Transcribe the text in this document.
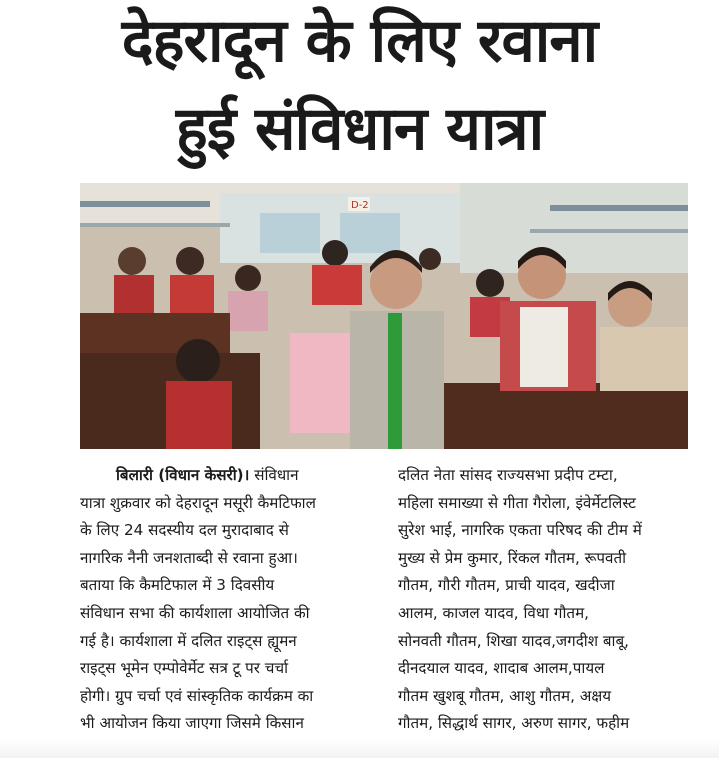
देहरादून के लिए रवाना
हुई संविधान यात्रा
D-2
बिलारी (विधान केसरी)। संविधान
यात्रा शुक्रवार को देहरादून मसूरी कैमटिफाल
के लिए 24 सदस्यीय दल मुरादाबाद से
नागरिक नैनी जनशताब्दी से रवाना हुआ।
बताया कि कैमटिफाल में 3 दिवसीय
संविधान सभा की कार्यशाला आयोजित की
गई है। कार्यशाला में दलित राइट्स ह्यूमन
राइट्स भूमेन एम्पोवेर्मेट सत्र टू पर चर्चा
होगी। ग्रुप चर्चा एवं सांस्कृतिक कार्यक्रम का
भी आयोजन किया जाएगा जिसमे किसान
दलित नेता सांसद राज्यसभा प्रदीप टम्टा,
महिला समाख्या से गीता गैरोला, इंवेर्मेटलिस्ट
सुरेश भाई, नागरिक एकता परिषद की टीम में
मुख्य से प्रेम कुमार, रिंकल गौतम, रूपवती
गौतम, गौरी गौतम, प्राची यादव, खदीजा
आलम, काजल यादव, विधा गौतम,
सोनवती गौतम, शिखा यादव,जगदीश बाबू,
दीनदयाल यादव, शादाब आलम,पायल
गौतम खुशबू गौतम, आशु गौतम, अक्षय
गौतम, सिद्धार्थ सागर, अरुण सागर, फहीम
